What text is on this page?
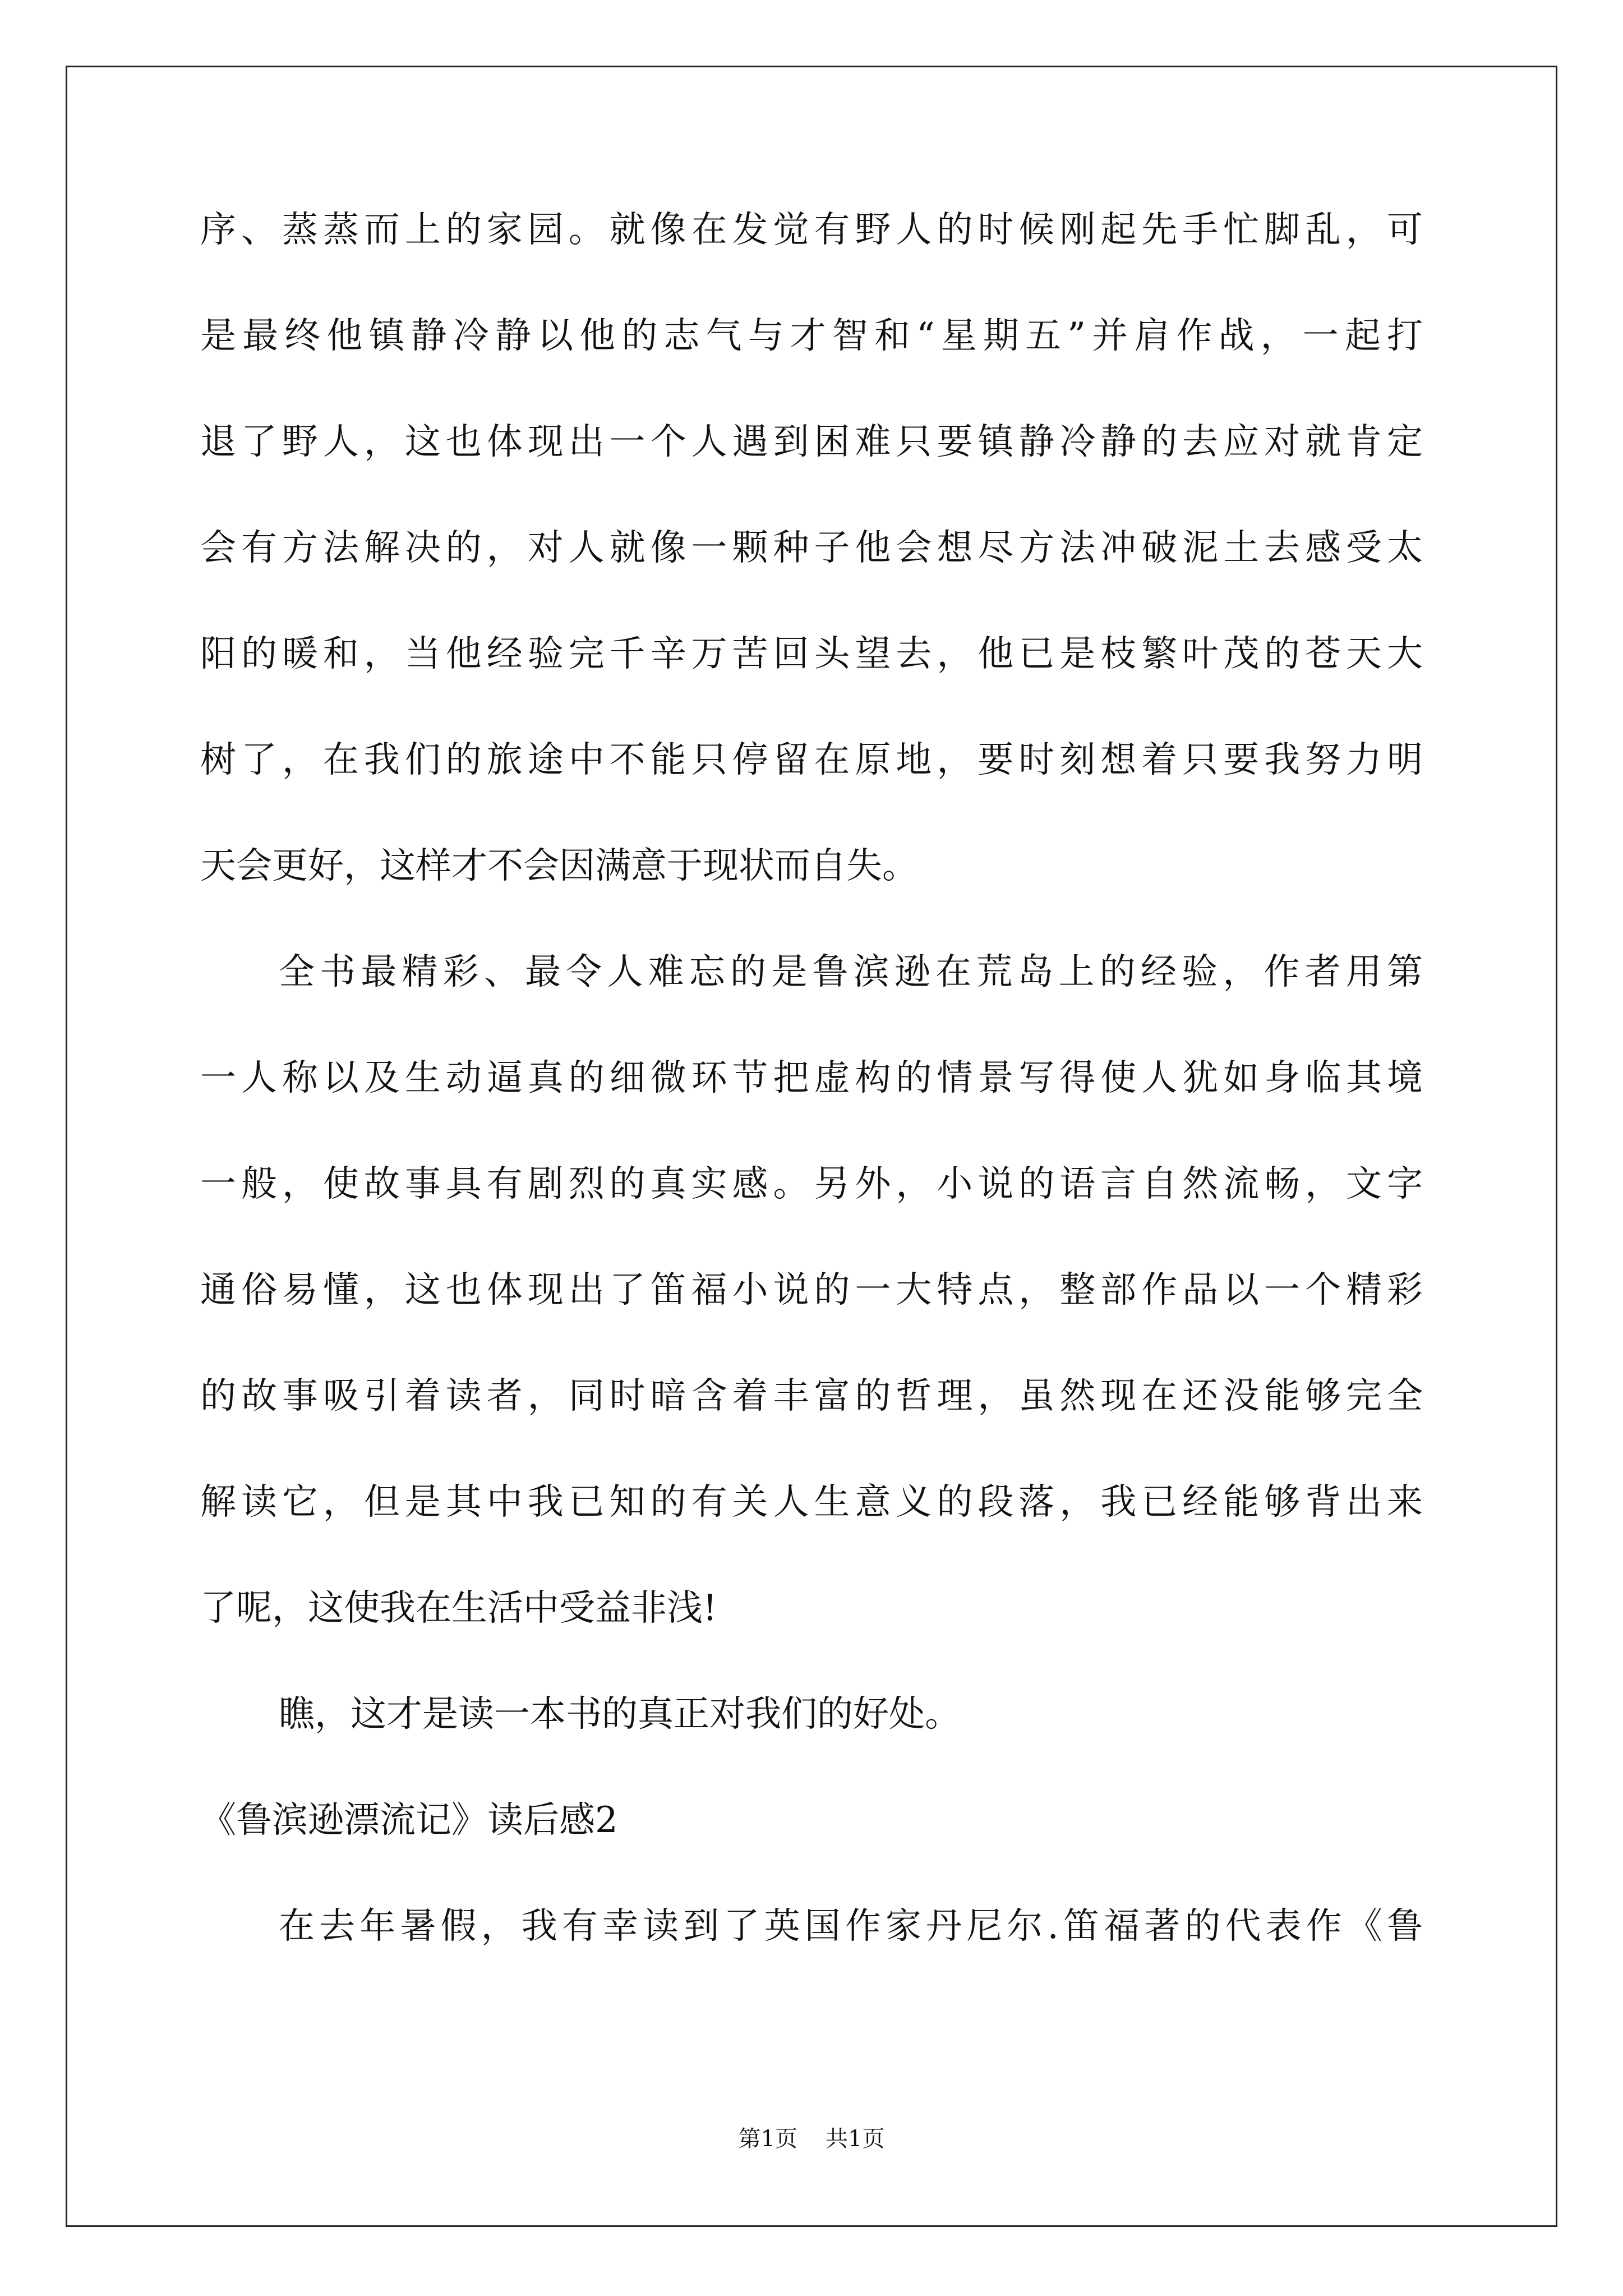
序、蒸蒸而上的家园。就像在发觉有野人的时候刚起先手忙脚乱，可
是最终他镇静冷静以他的志气与才智和“星期五”并肩作战，一起打
退了野人，这也体现出一个人遇到困难只要镇静冷静的去应对就肯定
会有方法解决的，对人就像一颗种子他会想尽方法冲破泥土去感受太
阳的暖和，当他经验完千辛万苦回头望去，他已是枝繁叶茂的苍天大
树了，在我们的旅途中不能只停留在原地，要时刻想着只要我努力明
天会更好，这样才不会因满意于现状而自失。
全书最精彩、最令人难忘的是鲁滨逊在荒岛上的经验，作者用第
一人称以及生动逼真的细微环节把虚构的情景写得使人犹如身临其境
一般，使故事具有剧烈的真实感。另外，小说的语言自然流畅，文字
通俗易懂，这也体现出了笛福小说的一大特点，整部作品以一个精彩
的故事吸引着读者，同时暗含着丰富的哲理，虽然现在还没能够完全
解读它，但是其中我已知的有关人生意义的段落，我已经能够背出来
了呢，这使我在生活中受益非浅!
瞧，这才是读一本书的真正对我们的好处。
《鲁滨逊漂流记》读后感2
在去年暑假，我有幸读到了英国作家丹尼尔.笛福著的代表作《鲁
第1页 共1页
